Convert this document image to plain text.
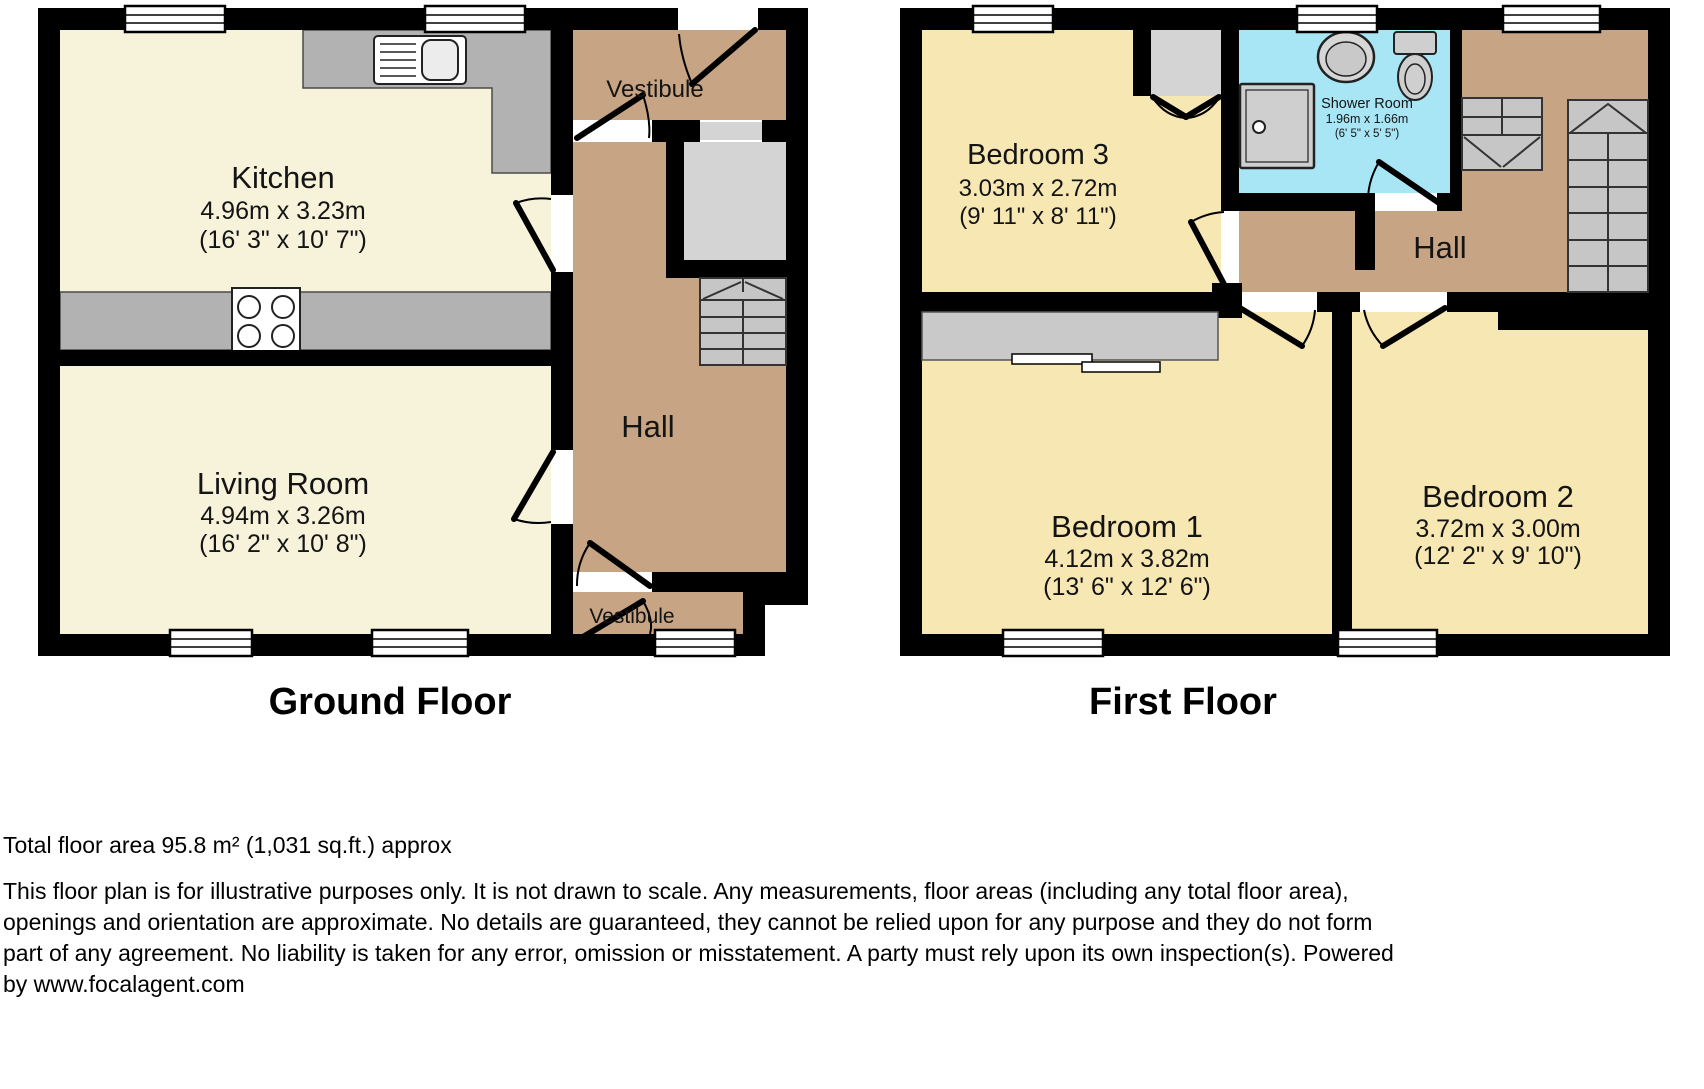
Kitchen
4.96m x 3.23m
(16' 3" x 10' 7")
Living Room
4.94m x 3.26m
(16' 2" x 10' 8")
Vestibule
Hall
Vestibule
Ground Floor
Bedroom 3
3.03m x 2.72m
(9' 11" x 8' 11")
Shower Room
1.96m x 1.66m
(6' 5" x 5' 5")
Hall
Bedroom 1
4.12m x 3.82m
(13' 6" x 12' 6")
Bedroom 2
3.72m x 3.00m
(12' 2" x 9' 10")
First Floor
Total floor area 95.8 m² (1,031 sq.ft.) approx
This floor plan is for illustrative purposes only. It is not drawn to scale. Any measurements, floor areas (including any total floor area),
openings and orientation are approximate. No details are guaranteed, they cannot be relied upon for any purpose and they do not form
part of any agreement. No liability is taken for any error, omission or misstatement. A party must rely upon its own inspection(s). Powered
by www.focalagent.com
